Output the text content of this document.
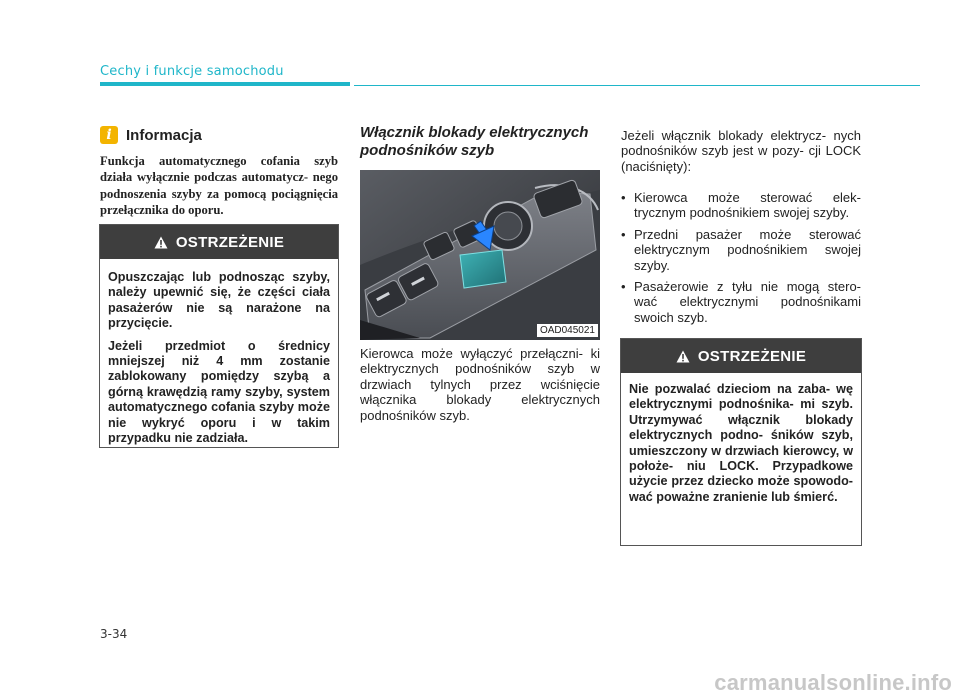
Cechy i funkcje samochodu
i Informacja
Funkcja automatycznego cofania szyb działa wyłącznie podczas automatycz- nego podnoszenia szyby za pomocą pociągnięcia przełącznika do oporu.
OSTRZEŻENIE

Opuszczając lub podnosząc szyby, należy upewnić się, że części ciała pasażerów nie są narażone na przycięcie.

Jeżeli przedmiot o średnicy mniejszej niż 4 mm zostanie zablokowany pomiędzy szybą a górną krawędzią ramy szyby, system automatycznego cofania szyby może nie wykryć oporu i w takim przypadku nie zadziała.

Włącznik blokady elektrycznych podnośników szyb
OAD045021
Kierowca może wyłączyć przełączni- ki elektrycznych podnośników szyb w drzwiach tylnych przez wciśnięcie włącznika blokady elektrycznych podnośników szyb.
Jeżeli włącznik blokady elektrycz- nych podnośników szyb jest w pozy- cji LOCK (naciśnięty):
• Kierowca może sterować elek- trycznym podnośnikiem swojej szyby.
• Przedni pasażer może sterować elektrycznym podnośnikiem swojej szyby.
• Pasażerowie z tyłu nie mogą stero- wać elektrycznymi podnośnikami swoich szyb.
OSTRZEŻENIE

Nie pozwalać dzieciom na zaba- wę elektrycznymi podnośnika- mi szyb. Utrzymywać włącznik blokady elektrycznych podno- śników szyb, umieszczony w drzwiach kierowcy, w położe- niu LOCK. Przypadkowe użycie przez dziecko może spowodo- wać poważne zranienie lub śmierć.

3-34
carmanualsonline.info
